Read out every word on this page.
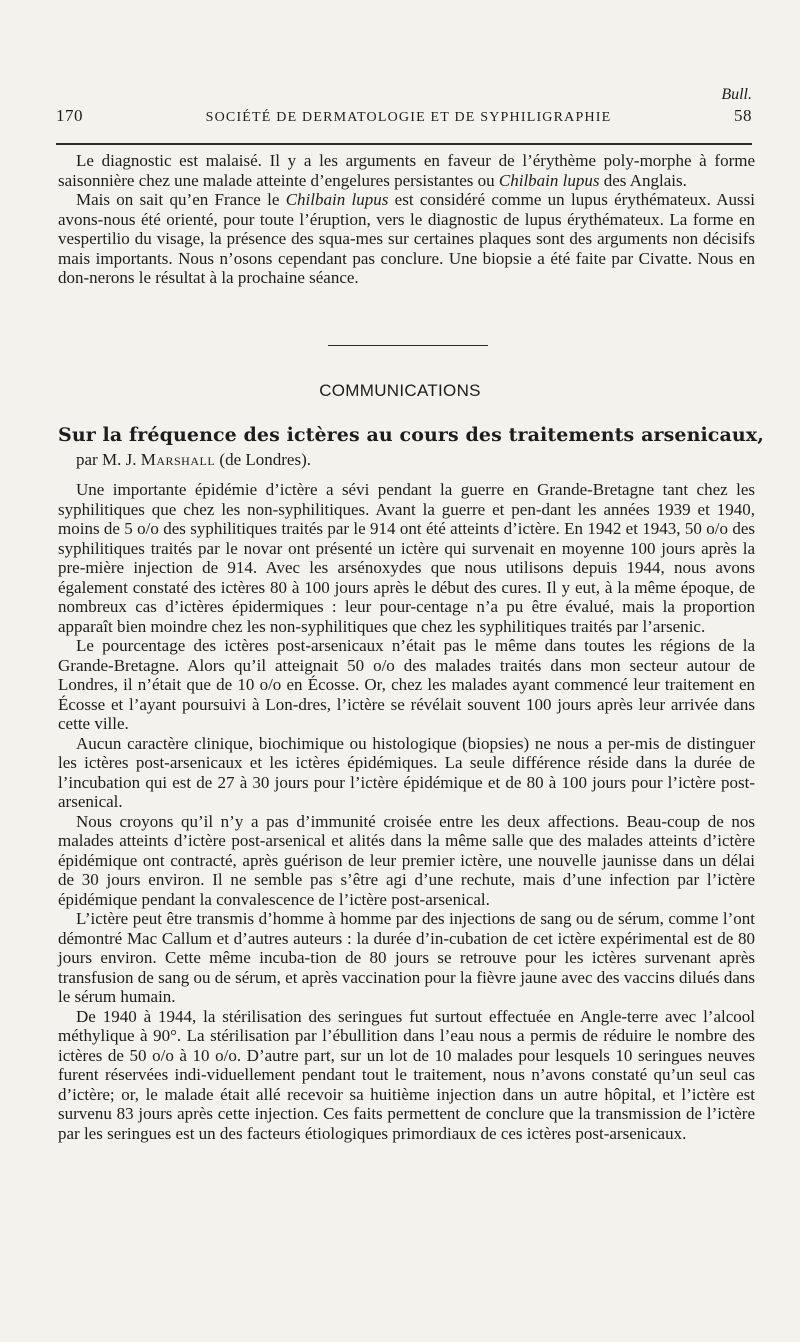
Bull.
170	SOCIÉTÉ DE DERMATOLOGIE ET DE SYPHILIGRAPHIE	58

Le diagnostic est malaisé. Il y a les arguments en faveur de l’érythème poly-morphe à forme saisonnière chez une malade atteinte d’engelures persistantes ou Chilbain lupus des Anglais.

Mais on sait qu’en France le Chilbain lupus est considéré comme un lupus érythémateux. Aussi avons-nous été orienté, pour toute l’éruption, vers le diagnostic de lupus érythémateux. La forme en vespertilio du visage, la présence des squa-mes sur certaines plaques sont des arguments non décisifs mais importants. Nous n’osons cependant pas conclure. Une biopsie a été faite par Civatte. Nous en don-nerons le résultat à la prochaine séance.

COMMUNICATIONS
Sur la fréquence des ictères au cours des traitements arsenicaux,
par M. J. Marshall (de Londres).

Une importante épidémie d’ictère a sévi pendant la guerre en Grande-Bretagne tant chez les syphilitiques que chez les non-syphilitiques. Avant la guerre et pen-dant les années 1939 et 1940, moins de 5 o/o des syphilitiques traités par le 914 ont été atteints d’ictère. En 1942 et 1943, 50 o/o des syphilitiques traités par le novar ont présenté un ictère qui survenait en moyenne 100 jours après la pre-mière injection de 914. Avec les arsénoxydes que nous utilisons depuis 1944, nous avons également constaté des ictères 80 à 100 jours après le début des cures. Il y eut, à la même époque, de nombreux cas d’ictères épidermiques : leur pour-centage n’a pu être évalué, mais la proportion apparaît bien moindre chez les non-syphilitiques que chez les syphilitiques traités par l’arsenic.

Le pourcentage des ictères post-arsenicaux n’était pas le même dans toutes les régions de la Grande-Bretagne. Alors qu’il atteignait 50 o/o des malades traités dans mon secteur autour de Londres, il n’était que de 10 o/o en Écosse. Or, chez les malades ayant commencé leur traitement en Écosse et l’ayant poursuivi à Lon-dres, l’ictère se révélait souvent 100 jours après leur arrivée dans cette ville.

Aucun caractère clinique, biochimique ou histologique (biopsies) ne nous a per-mis de distinguer les ictères post-arsenicaux et les ictères épidémiques. La seule différence réside dans la durée de l’incubation qui est de 27 à 30 jours pour l’ictère épidémique et de 80 à 100 jours pour l’ictère post-arsenical.

Nous croyons qu’il n’y a pas d’immunité croisée entre les deux affections. Beau-coup de nos malades atteints d’ictère post-arsenical et alités dans la même salle que des malades atteints d’ictère épidémique ont contracté, après guérison de leur premier ictère, une nouvelle jaunisse dans un délai de 30 jours environ. Il ne semble pas s’être agi d’une rechute, mais d’une infection par l’ictère épidémique pendant la convalescence de l’ictère post-arsenical.

L’ictère peut être transmis d’homme à homme par des injections de sang ou de sérum, comme l’ont démontré Mac Callum et d’autres auteurs : la durée d’in-cubation de cet ictère expérimental est de 80 jours environ. Cette même incuba-tion de 80 jours se retrouve pour les ictères survenant après transfusion de sang ou de sérum, et après vaccination pour la fièvre jaune avec des vaccins dilués dans le sérum humain.

De 1940 à 1944, la stérilisation des seringues fut surtout effectuée en Angle-terre avec l’alcool méthylique à 90°. La stérilisation par l’ébullition dans l’eau nous a permis de réduire le nombre des ictères de 50 o/o à 10 o/o. D’autre part, sur un lot de 10 malades pour lesquels 10 seringues neuves furent réservées indi-viduellement pendant tout le traitement, nous n’avons constaté qu’un seul cas d’ictère; or, le malade était allé recevoir sa huitième injection dans un autre hôpital, et l’ictère est survenu 83 jours après cette injection. Ces faits permettent de conclure que la transmission de l’ictère par les seringues est un des facteurs étiologiques primordiaux de ces ictères post-arsenicaux.
